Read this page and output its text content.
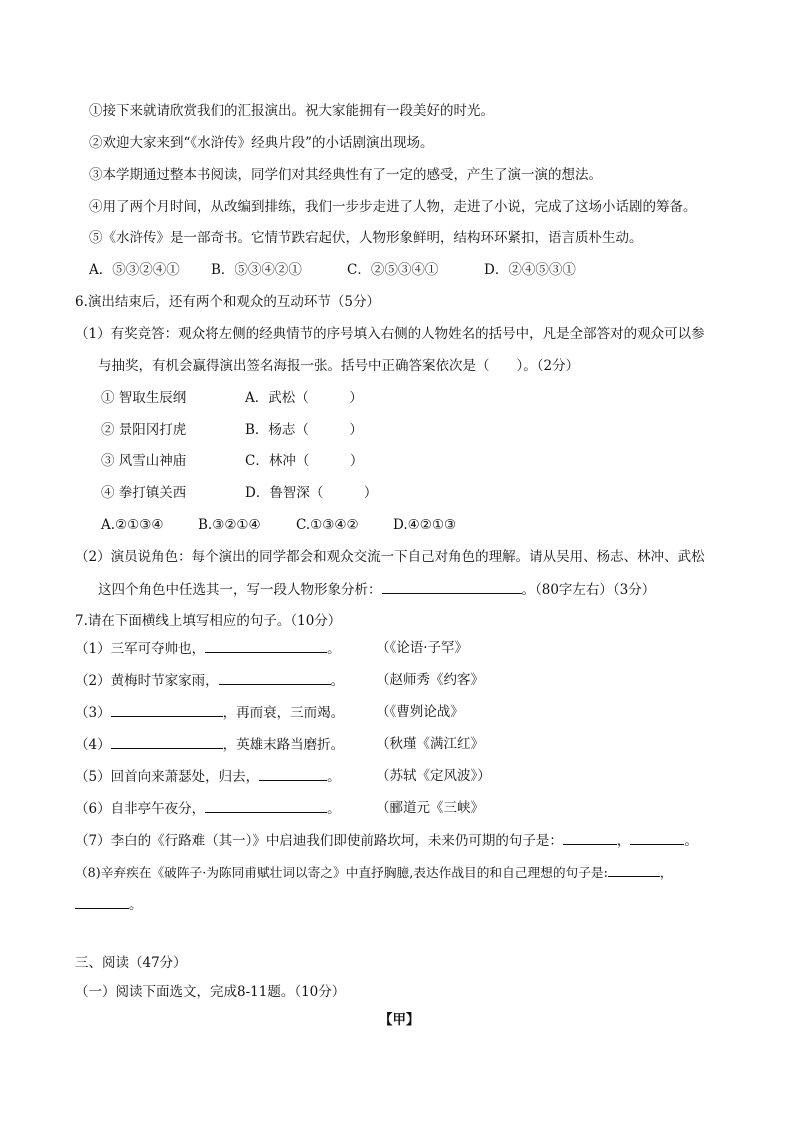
①接下来就请欣赏我们的汇报演出。祝大家能拥有一段美好的时光。
②欢迎大家来到“《水浒传》经典片段”的小话剧演出现场。
③本学期通过整本书阅读，同学们对其经典性有了一定的感受，产生了演一演的想法。
④用了两个月时间，从改编到排练，我们一步步走进了人物，走进了小说，完成了这场小话剧的筹备。
⑤《水浒传》是一部奇书。它情节跌宕起伏，人物形象鲜明，结构环环紧扣，语言质朴生动。
A．⑤③②④① B．⑤③④②①	C．②⑤③④①	D．②④⑤③①
6.演出结束后，还有两个和观众的互动环节（5分）
（1）有奖竞答：观众将左侧的经典情节的序号填入右侧的人物姓名的括号中，凡是全部答对的观众可以参
与抽奖，有机会赢得演出签名海报一张。括号中正确答案依次是（　　）。（2分）
① 智取生辰纲	A．武松（　　　）
② 景阳冈打虎	B．杨志（　　　）
③ 风雪山神庙	C．林冲（　　　）
④ 拳打镇关西	D．鲁智深（　　　）
A.②①③④	B.③②①④	C.①③④②	D.④②①③
（2）演员说角色：每个演出的同学都会和观众交流一下自己对角色的理解。请从吴用、杨志、林冲、武松
这四个角色中任选其一，写一段人物形象分析：	。（80字左右）（3分）
7.请在下面横线上填写相应的句子。（10分）
（1）三军可夺帅也，	。	（《论语·子罕》
（2）黄梅时节家家雨，	。 （赵师秀《约客》
（3）	，再而衰，三而竭。 （《曹刿论战》
（4）	，英雄末路当磨折。 （秋瑾《满江红》
（5）回首向来萧瑟处，归去，	。	（苏轼《定风波》）
（6）自非亭午夜分，	。	（郦道元《三峡》
（7）李白的《行路难（其一）》中启迪我们即使前路坎坷，未来仍可期的句子是：	，	。
（8)辛弃疾在《破阵子·为陈同甫赋壮词以寄之》中直抒胸臆,表达作战目的和自己理想的句子是:	，
。
三、阅读（47分）
（一）阅读下面选文，完成8-11题。（10分）
【甲】
